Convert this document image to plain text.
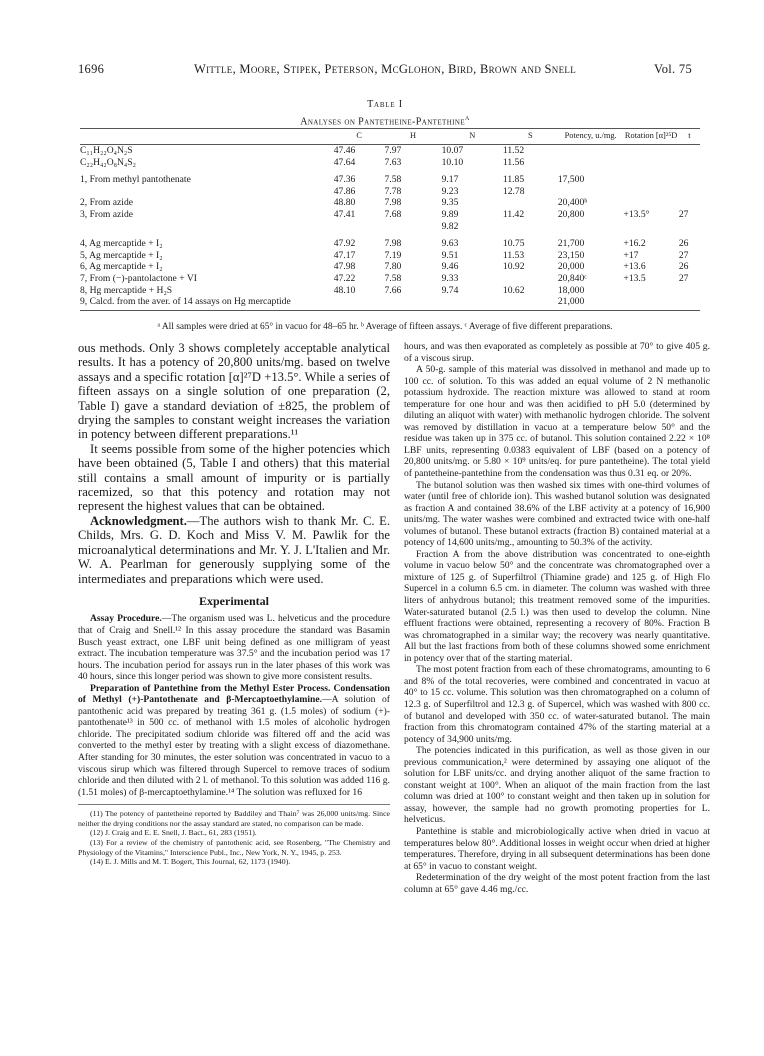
1696	Wittle, Moore, Stipek, Peterson, McGlohon, Bird, Brown and Snell	Vol. 75
Table I
Analyses on Pantetheine-Pantethine$^a$
	C	H	N	S	Potency, u./mg.	Rotation [α]²⁵D	t
C₁₁H₂₂O₄N₂S	47.46	7.97	10.07	11.52			
C₂₂H₄₂O₈N₄S₂	47.64	7.63	10.10	11.56			
1, From methyl pantothenate	47.36	7.58	9.17	11.85	17,500		
	47.86	7.78	9.23	12.78			
2, From azide	48.80	7.98	9.35		20,400ᵇ		
3, From azide	47.41	7.68	9.89	11.42	20,800	+13.5°	27
			9.82				
4, Ag mercaptide + I₂	47.92	7.98	9.63	10.75	21,700	+16.2	26
5, Ag mercaptide + I₂	47.17	7.19	9.51	11.53	23,150	+17	27
6, Ag mercaptide + I₂	47.98	7.80	9.46	10.92	20,000	+13.6	26
7, From (−)-pantolactone + VI	47.22	7.58	9.33		20,840ᶜ	+13.5	27
8, Hg mercaptide + H₂S	48.10	7.66	9.74	10.62	18,000		
9, Calcd. from the aver. of 14 assays on Hg mercaptide					21,000		
ᵃ All samples were dried at 65° in vacuo for 48–65 hr. ᵇ Average of fifteen assays. ᶜ Average of five different preparations.

ous methods. Only 3 shows completely acceptable analytical results. It has a potency of 20,800 units/mg. based on twelve assays and a specific rotation [α]²⁷D +13.5°. While a series of fifteen assays on a single solution of one preparation (2, Table I) gave a standard deviation of ±825, the problem of drying the samples to constant weight increases the variation in potency between different preparations.¹¹

It seems possible from some of the higher potencies which have been obtained (5, Table I and others) that this material still contains a small amount of impurity or is partially racemized, so that this potency and rotation may not represent the highest values that can be obtained.

Acknowledgment.—The authors wish to thank Mr. C. E. Childs, Mrs. G. D. Koch and Miss V. M. Pawlik for the microanalytical determinations and Mr. Y. J. L'Italien and Mr. W. A. Pearlman for generously supplying some of the intermediates and preparations which were used.

Experimental

Assay Procedure.—The organism used was L. helveticus and the procedure that of Craig and Snell.¹² In this assay procedure the standard was Basamin Busch yeast extract, one LBF unit being defined as one milligram of yeast extract. The incubation temperature was 37.5° and the incubation period was 17 hours. The incubation period for assays run in the later phases of this work was 40 hours, since this longer period was shown to give more consistent results.

Preparation of Pantethine from the Methyl Ester Process. Condensation of Methyl (+)-Pantothenate and β-Mercaptoethylamine.—A solution of pantothenic acid was prepared by treating 361 g. (1.5 moles) of sodium (+)-pantothenate¹³ in 500 cc. of methanol with 1.5 moles of alcoholic hydrogen chloride. The precipitated sodium chloride was filtered off and the acid was converted to the methyl ester by treating with a slight excess of diazomethane. After standing for 30 minutes, the ester solution was concentrated in vacuo to a viscous sirup which was filtered through Supercel to remove traces of sodium chloride and then diluted with 2 l. of methanol. To this solution was added 116 g. (1.51 moles) of β-mercaptoethylamine.¹⁴ The solution was refluxed for 16

(11) The potency of pantetheine reported by Baddiley and Thain⁷ was 26,000 units/mg. Since neither the drying conditions nor the assay standard are stated, no comparison can be made.

(12) J. Craig and E. E. Snell, J. Bact., 61, 283 (1951).

(13) For a review of the chemistry of pantothenic acid, see Rosenberg, "The Chemistry and Physiology of the Vitamins," Interscience Publ., Inc., New York, N. Y., 1945, p. 253.

(14) E. J. Mills and M. T. Bogert, This Journal, 62, 1173 (1940).

hours, and was then evaporated as completely as possible at 70° to give 405 g. of a viscous sirup.

A 50-g. sample of this material was dissolved in methanol and made up to 100 cc. of solution. To this was added an equal volume of 2 N methanolic potassium hydroxide. The reaction mixture was allowed to stand at room temperature for one hour and was then acidified to pH 5.0 (determined by diluting an aliquot with water) with methanolic hydrogen chloride. The solvent was removed by distillation in vacuo at a temperature below 50° and the residue was taken up in 375 cc. of butanol. This solution contained 2.22 × 10⁸ LBF units, representing 0.0383 equivalent of LBF (based on a potency of 20,800 units/mg. or 5.80 × 10⁹ units/eq. for pure pantetheine). The total yield of pantetheine-pantethine from the condensation was thus 0.31 eq. or 20%.

The butanol solution was then washed six times with one-third volumes of water (until free of chloride ion). This washed butanol solution was designated as fraction A and contained 38.6% of the LBF activity at a potency of 16,900 units/mg. The water washes were combined and extracted twice with one-half volumes of butanol. These butanol extracts (fraction B) contained material at a potency of 14,600 units/mg., amounting to 50.3% of the activity.

Fraction A from the above distribution was concentrated to one-eighth volume in vacuo below 50° and the concentrate was chromatographed over a mixture of 125 g. of Superfiltrol (Thiamine grade) and 125 g. of High Flo Supercel in a column 6.5 cm. in diameter. The column was washed with three liters of anhydrous butanol; this treatment removed some of the impurities. Water-saturated butanol (2.5 l.) was then used to develop the column. Nine effluent fractions were obtained, representing a recovery of 80%. Fraction B was chromatographed in a similar way; the recovery was nearly quantitative. All but the last fractions from both of these columns showed some enrichment in potency over that of the starting material.

The most potent fraction from each of these chromatograms, amounting to 6 and 8% of the total recoveries, were combined and concentrated in vacuo at 40° to 15 cc. volume. This solution was then chromatographed on a column of 12.3 g. of Superfiltrol and 12.3 g. of Supercel, which was washed with 800 cc. of butanol and developed with 350 cc. of water-saturated butanol. The main fraction from this chromatogram contained 47% of the starting material at a potency of 34,900 units/mg.

The potencies indicated in this purification, as well as those given in our previous communication,² were determined by assaying one aliquot of the solution for LBF units/cc. and drying another aliquot of the same fraction to constant weight at 100°. When an aliquot of the main fraction from the last column was dried at 100° to constant weight and then taken up in solution for assay, however, the sample had no growth promoting properties for L. helveticus.

Pantethine is stable and microbiologically active when dried in vacuo at temperatures below 80°. Additional losses in weight occur when dried at higher temperatures. Therefore, drying in all subsequent determinations has been done at 65° in vacuo to constant weight.

Redetermination of the dry weight of the most potent fraction from the last column at 65° gave 4.46 mg./cc.
